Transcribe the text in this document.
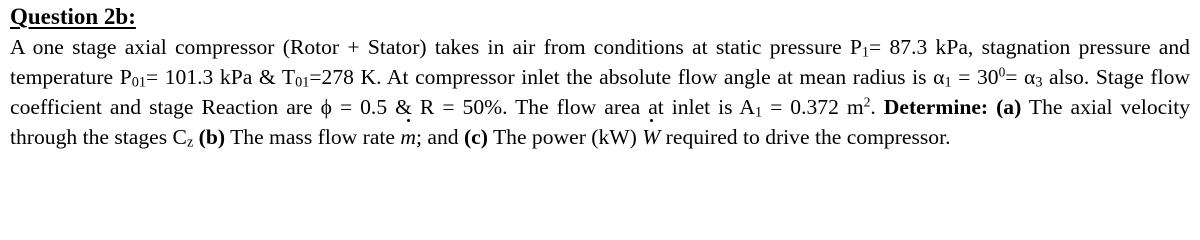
Question 2b:
A one stage axial compressor (Rotor + Stator) takes in air from conditions at static pressure $P_1= 87.3$ kPa, stagnation pressure and temperature $P_{01}= 101.3$ kPa & $T_{01}=278$ K. At compressor inlet the absolute flow angle at mean radius is $\alpha_1 = 30^0= \alpha_3$ also. Stage flow coefficient and stage Reaction are ϕ = 0.5 & R = 50%. The flow area at inlet is $A_1 = 0.372$ $m^2$. Determine: (a) The axial velocity through the stages $C_z$ (b) The mass flow rate m; and (c) The power (kW) W required to drive the compressor.
